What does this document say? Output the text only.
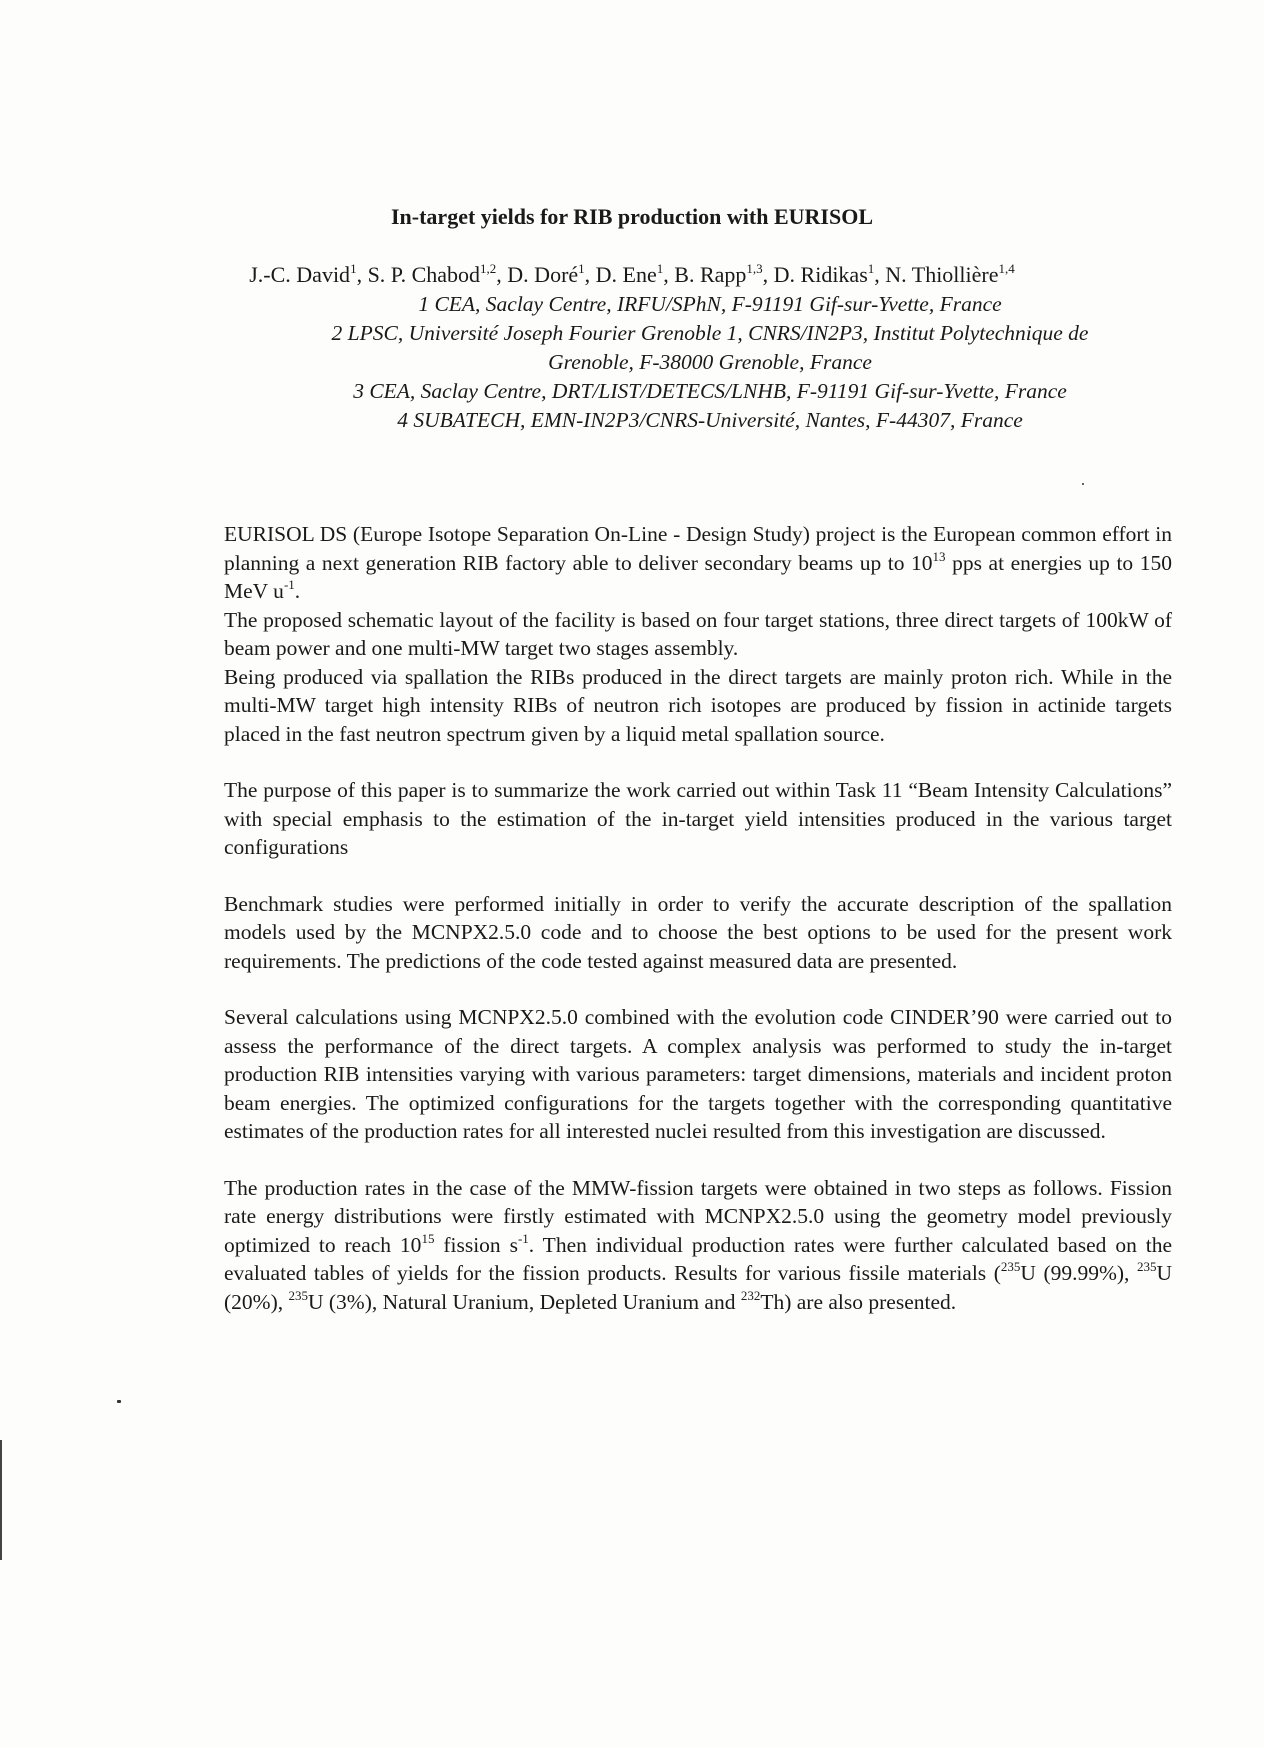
In-target yields for RIB production with EURISOL
J.-C. David$^1$, S. P. Chabod$^{1,2}$, D. Doré$^1$, D. Ene$^1$, B. Rapp$^{1,3}$, D. Ridikas$^1$, N. Thiollière$^{1,4}$
1 CEA, Saclay Centre, IRFU/SPhN, F-91191 Gif-sur-Yvette, France
2 LPSC, Université Joseph Fourier Grenoble 1, CNRS/IN2P3, Institut Polytechnique de
Grenoble, F-38000 Grenoble, France
3 CEA, Saclay Centre, DRT/LIST/DETECS/LNHB, F-91191 Gif-sur-Yvette, France
4 SUBATECH, EMN-IN2P3/CNRS-Université, Nantes, F-44307, France

EURISOL DS (Europe Isotope Separation On-Line - Design Study) project is the European common effort in planning a next generation RIB factory able to deliver secondary beams up to $10^{13}$ pps at energies up to 150 MeV $u^{-1}$.

The proposed schematic layout of the facility is based on four target stations, three direct targets of 100kW of beam power and one multi-MW target two stages assembly.

Being produced via spallation the RIBs produced in the direct targets are mainly proton rich. While in the multi-MW target high intensity RIBs of neutron rich isotopes are produced by fission in actinide targets placed in the fast neutron spectrum given by a liquid metal spallation source.

The purpose of this paper is to summarize the work carried out within Task 11 “Beam Intensity Calculations” with special emphasis to the estimation of the in-target yield intensities produced in the various target configurations

Benchmark studies were performed initially in order to verify the accurate description of the spallation models used by the MCNPX2.5.0 code and to choose the best options to be used for the present work requirements. The predictions of the code tested against measured data are presented.

Several calculations using MCNPX2.5.0 combined with the evolution code CINDER’90 were carried out to assess the performance of the direct targets. A complex analysis was performed to study the in-target production RIB intensities varying with various parameters: target dimensions, materials and incident proton beam energies. The optimized configurations for the targets together with the corresponding quantitative estimates of the production rates for all interested nuclei resulted from this investigation are discussed.

The production rates in the case of the MMW-fission targets were obtained in two steps as follows. Fission rate energy distributions were firstly estimated with MCNPX2.5.0 using the geometry model previously optimized to reach $10^{15}$ fission $s^{-1}$. Then individual production rates were further calculated based on the evaluated tables of yields for the fission products. Results for various fissile materials ($^{235}$U (99.99%), $^{235}$U (20%), $^{235}$U (3%), Natural Uranium, Depleted Uranium and $^{232}$Th) are also presented.
